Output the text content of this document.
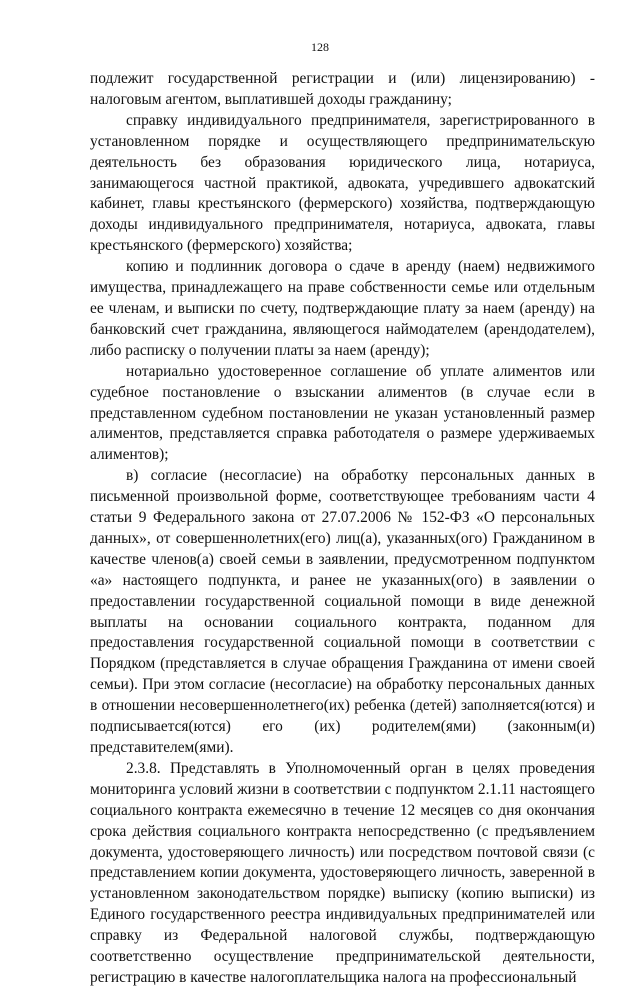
128

подлежит государственной регистрации и (или) лицензированию) - налоговым агентом, выплатившей доходы гражданину;

справку индивидуального предпринимателя, зарегистрированного в установленном порядке и осуществляющего предпринимательскую деятельность без образования юридического лица, нотариуса, занимающегося частной практикой, адвоката, учредившего адвокатский кабинет, главы крестьянского (фермерского) хозяйства, подтверждающую доходы индивидуального предпринимателя, нотариуса, адвоката, главы крестьянского (фермерского) хозяйства;

копию и подлинник договора о сдаче в аренду (наем) недвижимого имущества, принадлежащего на праве собственности семье или отдельным ее членам, и выписки по счету, подтверждающие плату за наем (аренду) на банковский счет гражданина, являющегося наймодателем (арендодателем), либо расписку о получении платы за наем (аренду);

нотариально удостоверенное соглашение об уплате алиментов или судебное постановление о взыскании алиментов (в случае если в представленном судебном постановлении не указан установленный размер алиментов, представляется справка работодателя о размере удерживаемых алиментов);

в) согласие (несогласие) на обработку персональных данных в письменной произвольной форме, соответствующее требованиям части 4 статьи 9 Федерального закона от 27.07.2006 № 152-ФЗ «О персональных данных», от совершеннолетних(его) лиц(а), указанных(ого) Гражданином в качестве членов(а) своей семьи в заявлении, предусмотренном подпунктом «а» настоящего подпункта, и ранее не указанных(ого) в заявлении о предоставлении государственной социальной помощи в виде денежной выплаты на основании социального контракта, поданном для предоставления государственной социальной помощи в соответствии с Порядком (представляется в случае обращения Гражданина от имени своей семьи). При этом согласие (несогласие) на обработку персональных данных в отношении несовершеннолетнего(их) ребенка (детей) заполняется(ются) и подписывается(ются) его (их) родителем(ями) (законным(и) представителем(ями).

2.3.8. Представлять в Уполномоченный орган в целях проведения мониторинга условий жизни в соответствии с подпунктом 2.1.11 настоящего социального контракта ежемесячно в течение 12 месяцев со дня окончания срока действия социального контракта непосредственно (с предъявлением документа, удостоверяющего личность) или посредством почтовой связи (с представлением копии документа, удостоверяющего личность, заверенной в установленном законодательством порядке) выписку (копию выписки) из Единого государственного реестра индивидуальных предпринимателей или справку из Федеральной налоговой службы, подтверждающую соответственно осуществление предпринимательской деятельности, регистрацию в качестве налогоплательщика налога на профессиональный
